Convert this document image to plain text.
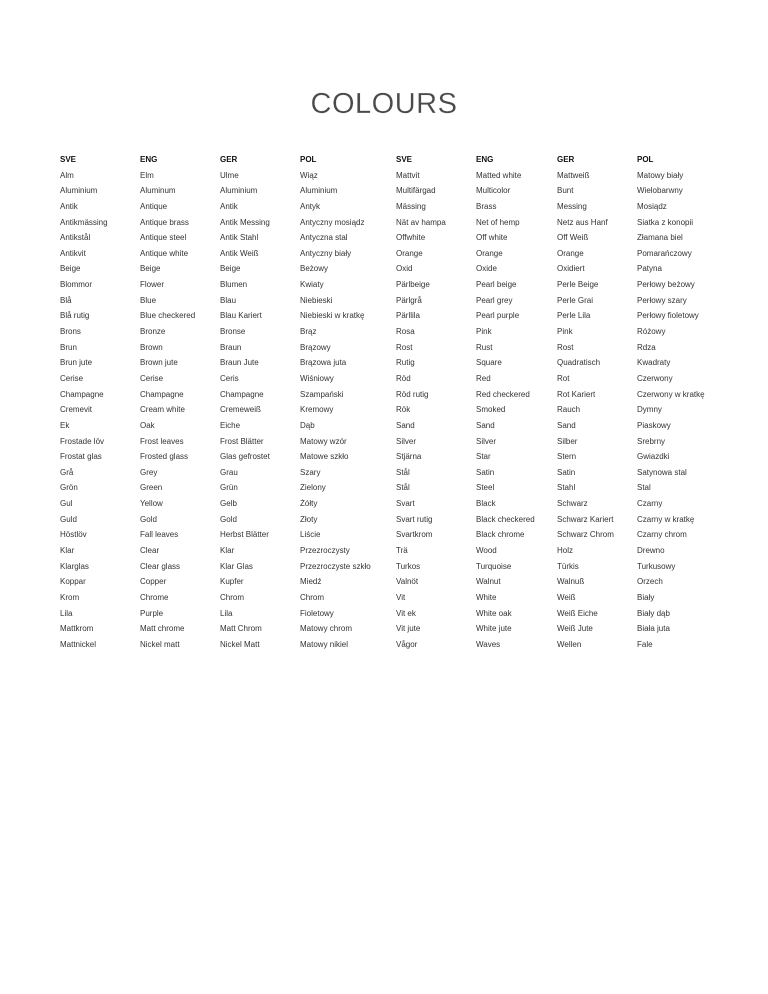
COLOURS
SVE	ENG	GER	POL	SVE	ENG	GER	POL
Alm	Elm	Ulme	Wiąz	Mattvit	Matted white	Mattweiß	Matowy biały
Aluminium	Aluminum	Aluminium	Aluminium	Multifärgad	Multicolor	Bunt	Wielobarwny
Antik	Antique	Antik	Antyk	Mässing	Brass	Messing	Mosiądz
Antikmässing	Antique brass	Antik Messing	Antyczny mosiądz	Nät av hampa	Net of hemp	Netz aus Hanf	Siatka z konopii
Antikstål	Antique steel	Antik Stahl	Antyczna stal	Offwhite	Off white	Off Weiß	Złamana biel
Antikvit	Antique white	Antik Weiß	Antyczny biały	Orange	Orange	Orange	Pomarańczowy
Beige	Beige	Beige	Beżowy	Oxid	Oxide	Oxidiert	Patyna
Blommor	Flower	Blumen	Kwiaty	Pärlbeige	Pearl beige	Perle Beige	Perłowy beżowy
Blå	Blue	Blau	Niebieski	Pärlgrå	Pearl grey	Perle Grai	Perłowy szary
Blå rutig	Blue checkered	Blau Kariert	Niebieski w kratkę	Pärllila	Pearl purple	Perle Lila	Perłowy fioletowy
Brons	Bronze	Bronse	Brąz	Rosa	Pink	Pink	Różowy
Brun	Brown	Braun	Brązowy	Rost	Rust	Rost	Rdza
Brun jute	Brown jute	Braun Jute	Brązowa juta	Rutig	Square	Quadratisch	Kwadraty
Cerise	Cerise	Ceris	Wiśniowy	Röd	Red	Rot	Czerwony
Champagne	Champagne	Champagne	Szampański	Röd rutig	Red checkered	Rot Kariert	Czerwony w kratkę
Cremevit	Cream white	Cremeweiß	Kremowy	Rök	Smoked	Rauch	Dymny
Ek	Oak	Eiche	Dąb	Sand	Sand	Sand	Piaskowy
Frostade löv	Frost leaves	Frost Blätter	Matowy wzór	Silver	Silver	Silber	Srebrny
Frostat glas	Frosted glass	Glas gefrostet	Matowe szkło	Stjärna	Star	Stern	Gwiazdki
Grå	Grey	Grau	Szary	Stål	Satin	Satin	Satynowa stal
Grön	Green	Grün	Zielony	Stål	Steel	Stahl	Stal
Gul	Yellow	Gelb	Żółty	Svart	Black	Schwarz	Czarny
Guld	Gold	Gold	Złoty	Svart rutig	Black checkered	Schwarz Kariert	Czarny w kratkę
Höstlöv	Fall leaves	Herbst Blätter	Liście	Svartkrom	Black chrome	Schwarz Chrom	Czarny chrom
Klar	Clear	Klar	Przezroczysty	Trä	Wood	Holz	Drewno
Klarglas	Clear glass	Klar Glas	Przezroczyste szkło	Turkos	Turquoise	Türkis	Turkusowy
Koppar	Copper	Kupfer	Miedź	Valnöt	Walnut	Walnuß	Orzech
Krom	Chrome	Chrom	Chrom	Vit	White	Weiß	Biały
Lila	Purple	Lila	Fioletowy	Vit ek	White oak	Weiß Eiche	Biały dąb
Mattkrom	Matt chrome	Matt Chrom	Matowy chrom	Vit jute	White jute	Weiß Jute	Biała juta
Mattnickel	Nickel matt	Nickel Matt	Matowy nikiel	Vågor	Waves	Wellen	Fale
